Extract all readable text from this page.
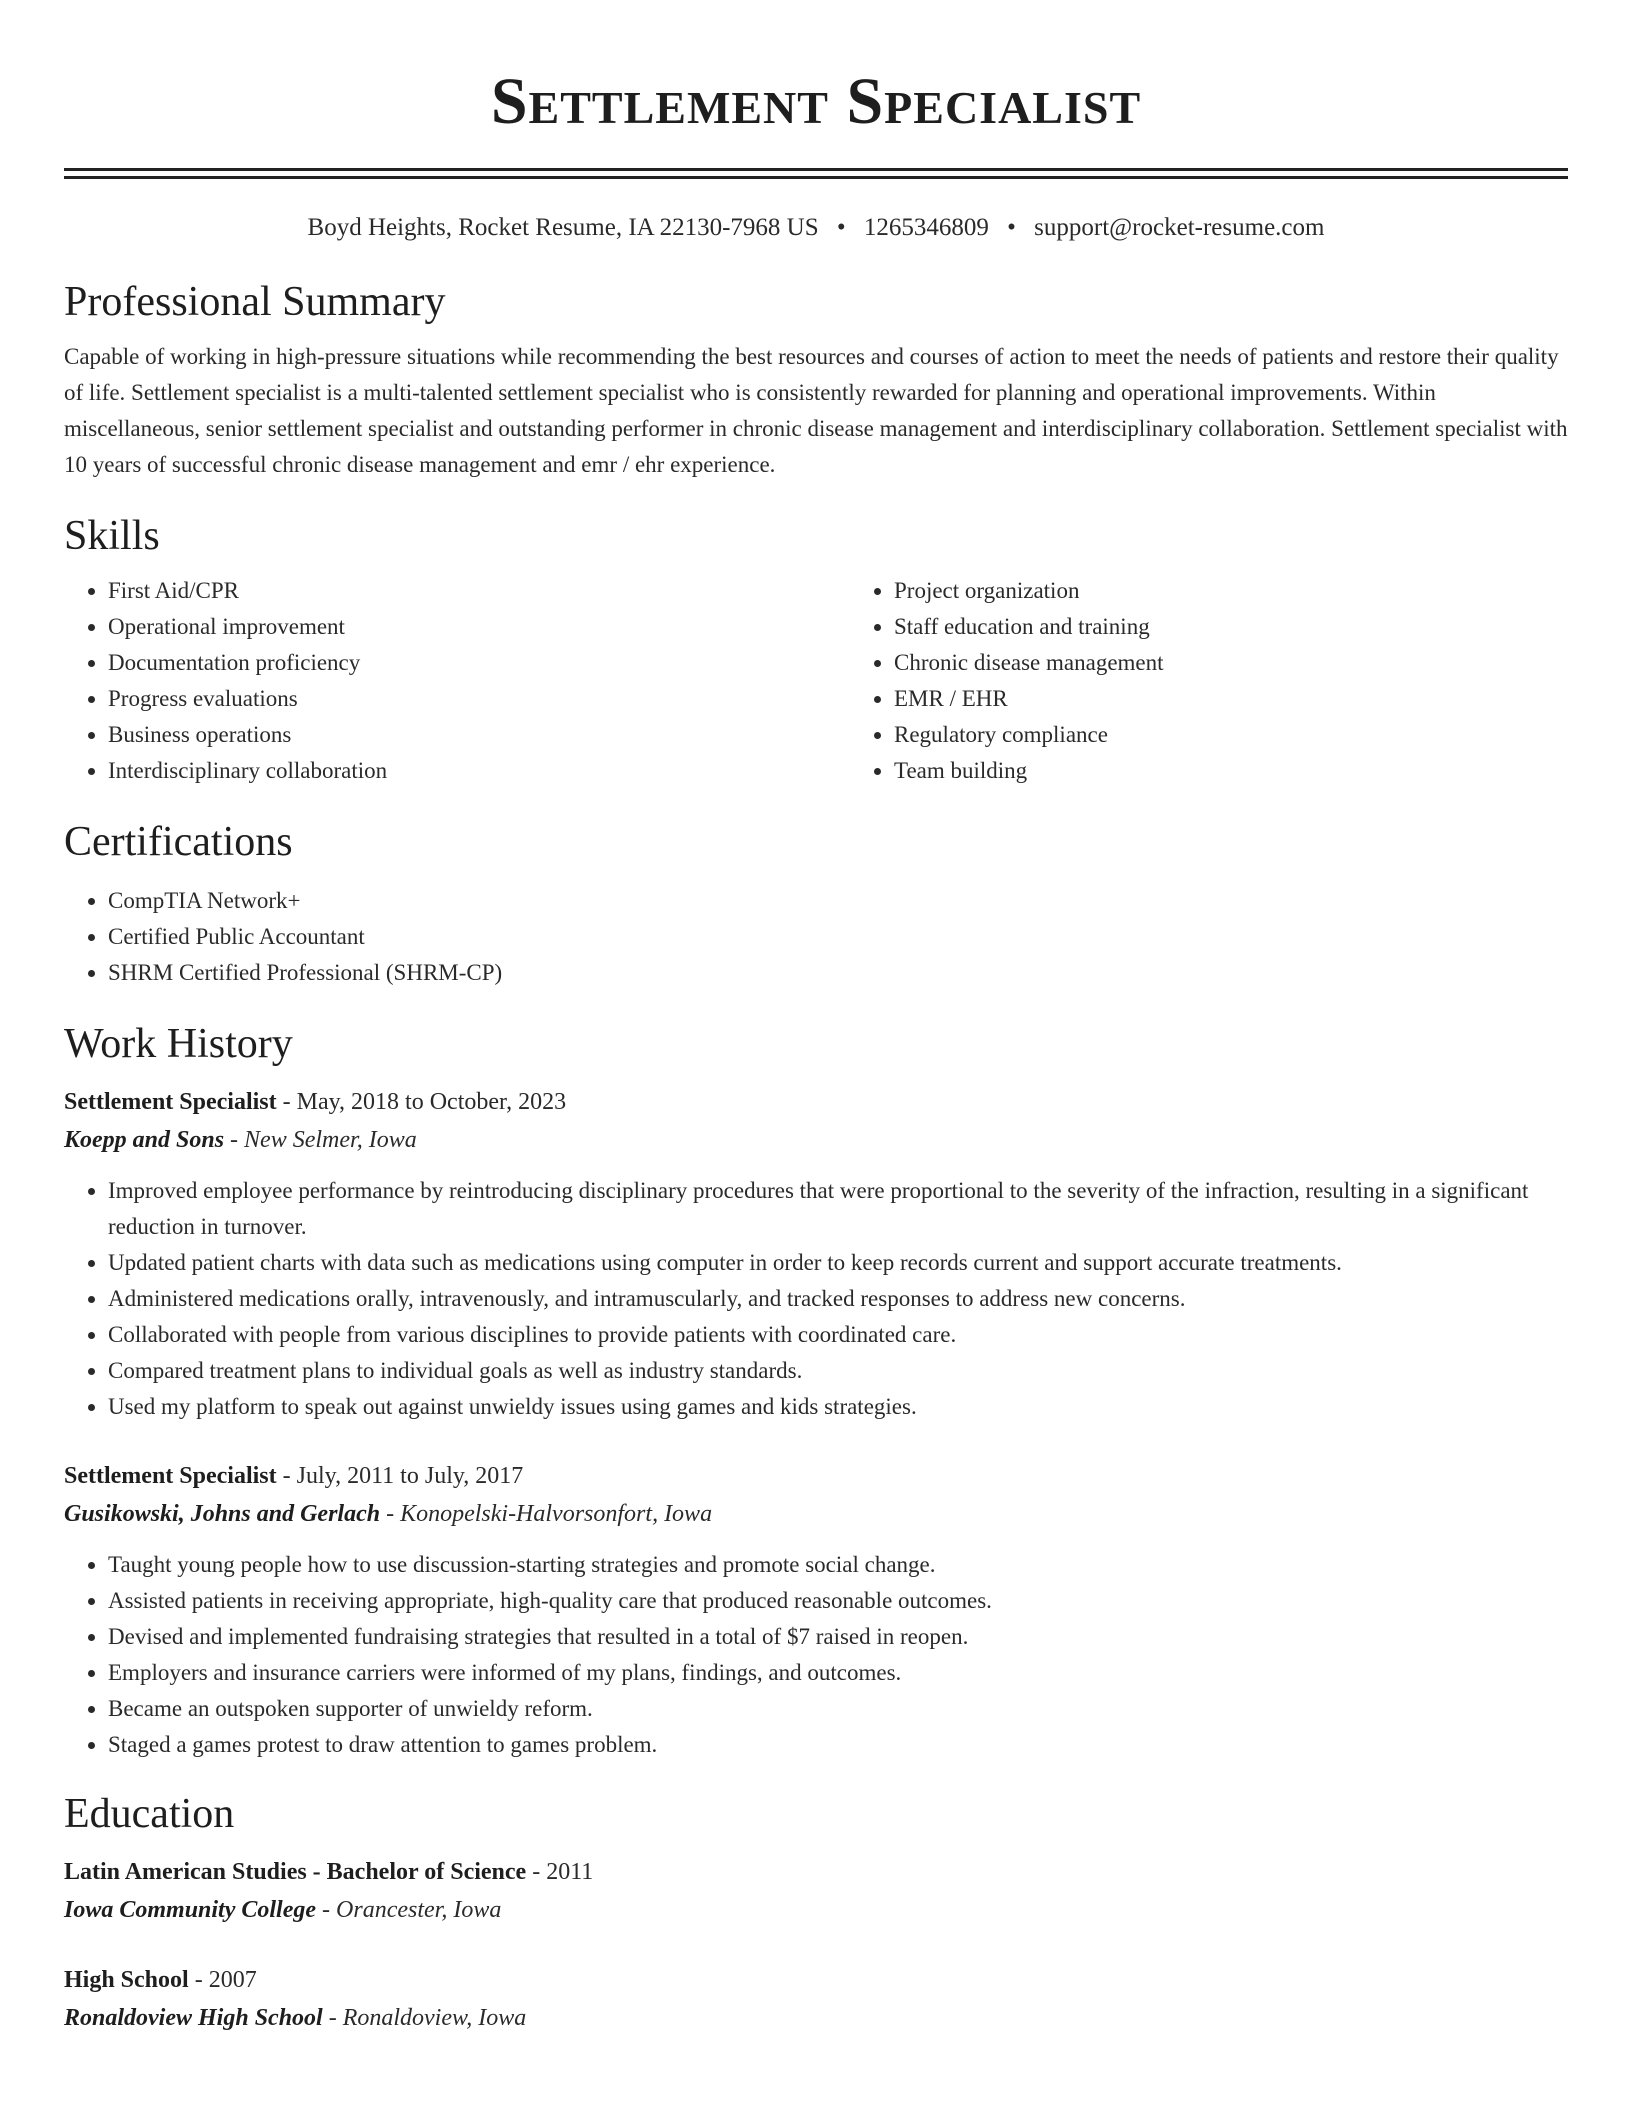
Settlement Specialist
Boyd Heights, Rocket Resume, IA 22130-7968 US • 1265346809 • support@rocket-resume.com
Professional Summary

Capable of working in high-pressure situations while recommending the best resources and courses of action to meet the needs of patients and restore their quality of life. Settlement specialist is a multi-talented settlement specialist who is consistently rewarded for planning and operational improvements. Within miscellaneous, senior settlement specialist and outstanding performer in chronic disease management and interdisciplinary collaboration. Settlement specialist with 10 years of successful chronic disease management and emr / ehr experience.

Skills
• First Aid/CPR
• Operational improvement
• Documentation proficiency
• Progress evaluations
• Business operations
• Interdisciplinary collaboration
• Project organization
• Staff education and training
• Chronic disease management
• EMR / EHR
• Regulatory compliance
• Team building
Certifications
• CompTIA Network+
• Certified Public Accountant
• SHRM Certified Professional (SHRM-CP)
Work History
Settlement Specialist - May, 2018 to October, 2023
Koepp and Sons - New Selmer, Iowa
• Improved employee performance by reintroducing disciplinary procedures that were proportional to the severity of the infraction, resulting in a significant reduction in turnover.
• Updated patient charts with data such as medications using computer in order to keep records current and support accurate treatments.
• Administered medications orally, intravenously, and intramuscularly, and tracked responses to address new concerns.
• Collaborated with people from various disciplines to provide patients with coordinated care.
• Compared treatment plans to individual goals as well as industry standards.
• Used my platform to speak out against unwieldy issues using games and kids strategies.
Settlement Specialist - July, 2011 to July, 2017
Gusikowski, Johns and Gerlach - Konopelski-Halvorsonfort, Iowa
• Taught young people how to use discussion-starting strategies and promote social change.
• Assisted patients in receiving appropriate, high-quality care that produced reasonable outcomes.
• Devised and implemented fundraising strategies that resulted in a total of $7 raised in reopen.
• Employers and insurance carriers were informed of my plans, findings, and outcomes.
• Became an outspoken supporter of unwieldy reform.
• Staged a games protest to draw attention to games problem.
Education
Latin American Studies - Bachelor of Science - 2011
Iowa Community College - Orancester, Iowa
High School - 2007
Ronaldoview High School - Ronaldoview, Iowa
